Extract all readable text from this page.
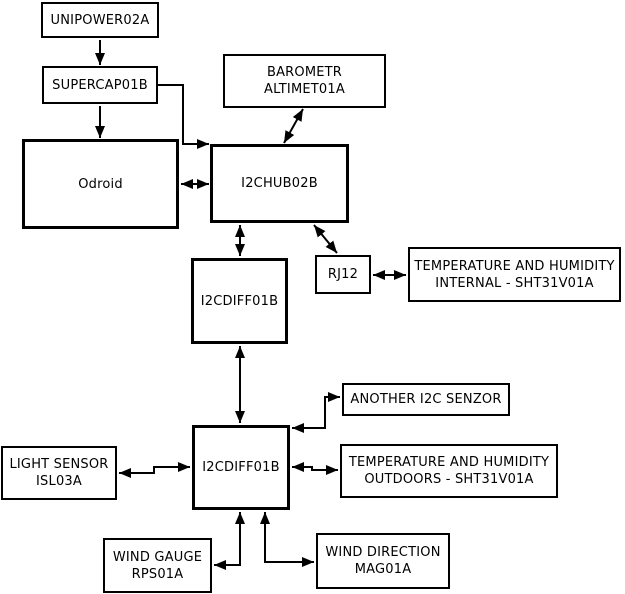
UNIPOWER02A
SUPERCAP01B
Odroid
BAROMETR
ALTIMET01A
I2CHUB02B
RJ12
TEMPERATURE AND HUMIDITY
INTERNAL - SHT31V01A
I2CDIFF01B
ANOTHER I2C SENZOR
I2CDIFF01B	TEMPERATURE AND HUMIDITY
OUTDOORS - SHT31V01A
LIGHT SENSOR
ISL03A
WIND GAUGE
RPS01A
WIND DIRECTION
MAG01A
